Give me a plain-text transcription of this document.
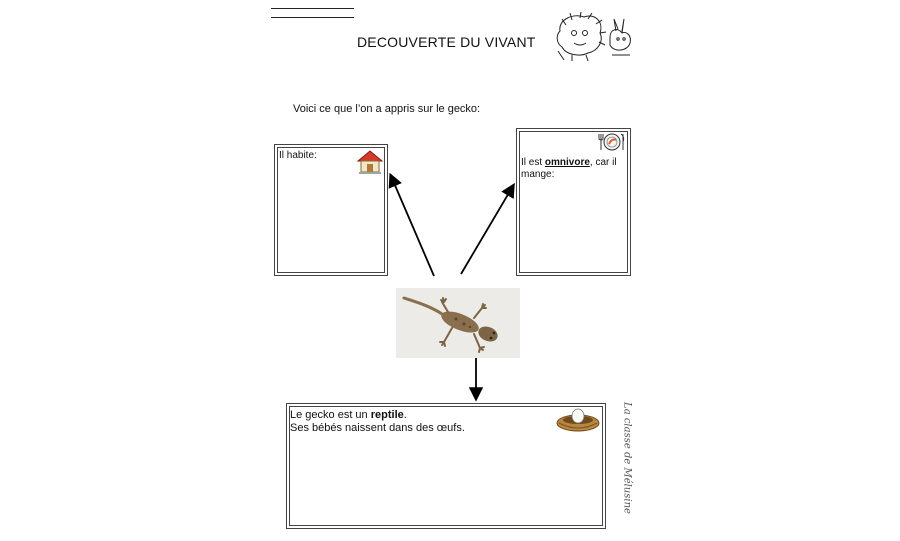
DECOUVERTE DU VIVANT
Voici ce que l’on a appris sur le gecko:
Il habite:
Il est omnivore, car il mange:
Le gecko est un reptile.
Ses bébés naissent dans des œufs.	La classe de Mélusine
